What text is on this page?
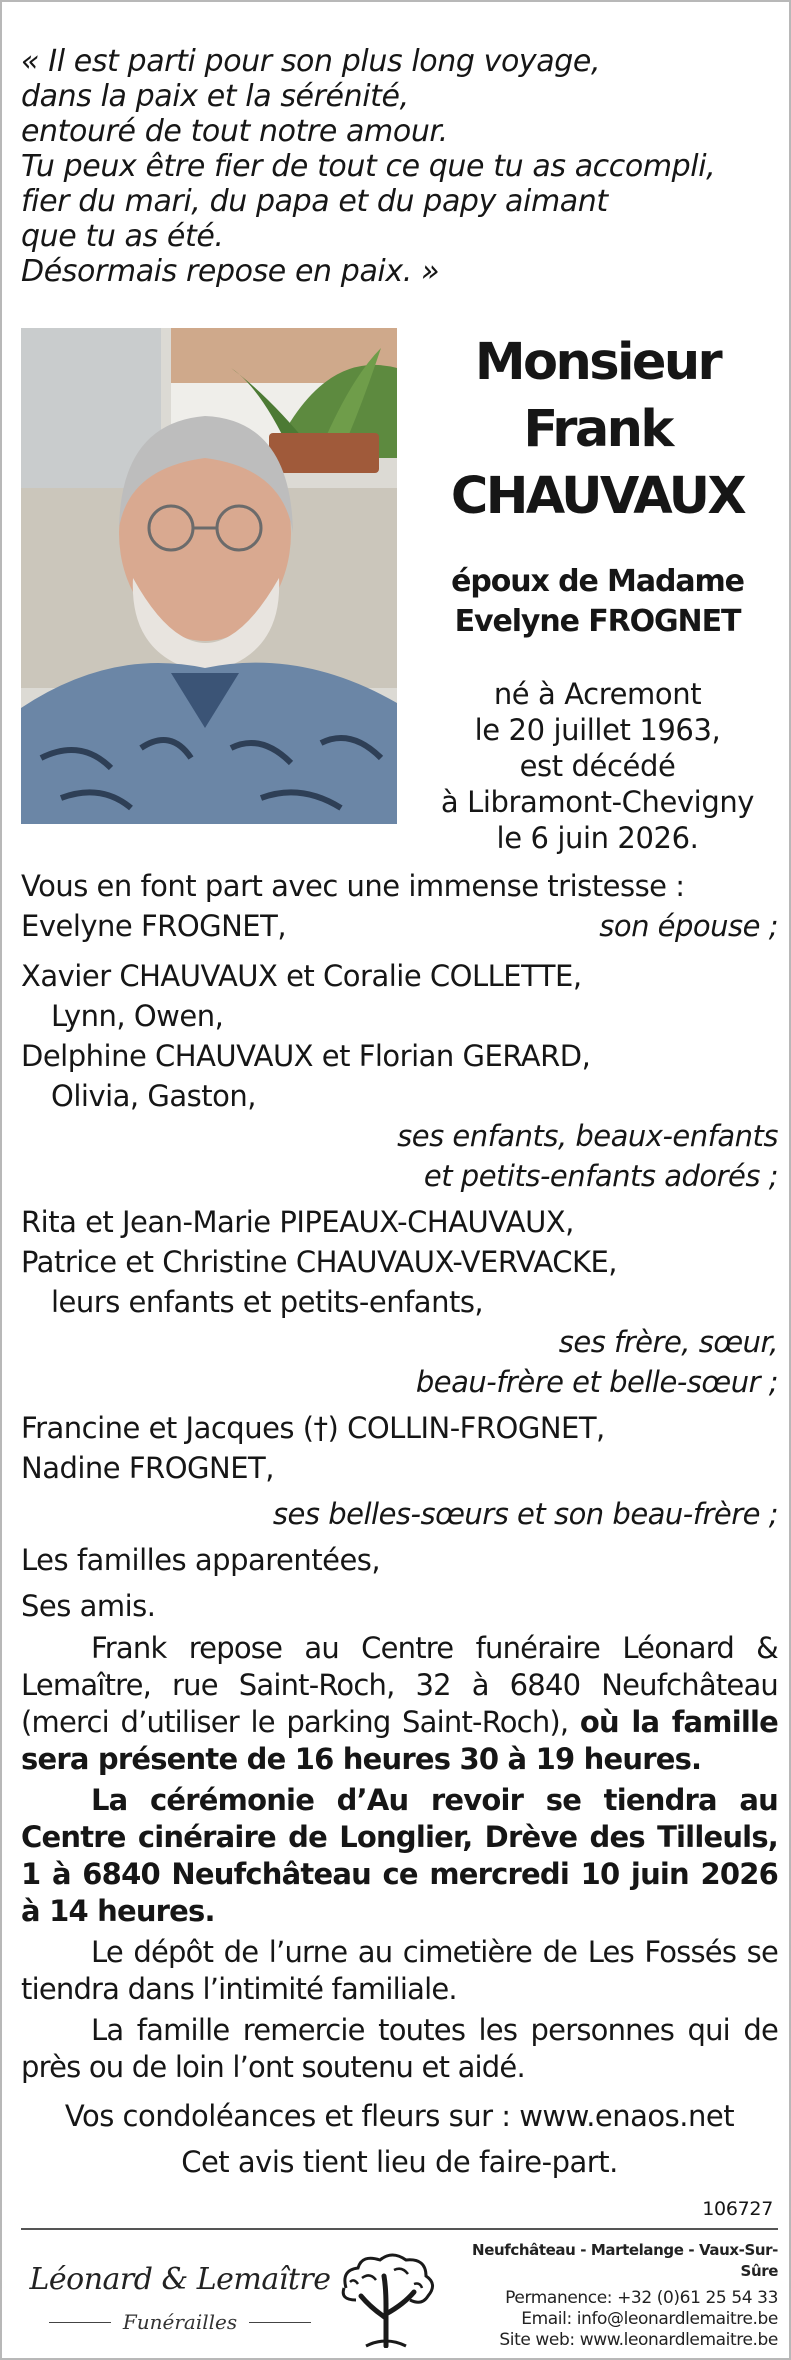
« Il est parti pour son plus long voyage,
dans la paix et la sérénité,
entouré de tout notre amour.
Tu peux être fier de tout ce que tu as accompli,
fier du mari, du papa et du papy aimant
que tu as été.
Désormais repose en paix. »
Monsieur
Frank
CHAUVAUX
époux de Madame
Evelyne FROGNET
né à Acremont
le 20 juillet 1963,
est décédé
à Libramont-Chevigny
le 6 juin 2026.
Vous en font part avec une immense tristesse :
Evelyne FROGNET,	son épouse ;
Xavier CHAUVAUX et Coralie COLLETTE,
Lynn, Owen,
Delphine CHAUVAUX et Florian GERARD,
Olivia, Gaston,
ses enfants, beaux-enfants
et petits-enfants adorés ;
Rita et Jean-Marie PIPEAUX-CHAUVAUX,
Patrice et Christine CHAUVAUX-VERVACKE,
leurs enfants et petits-enfants,
ses frère, sœur,
beau-frère et belle-sœur ;
Francine et Jacques (†) COLLIN-FROGNET,
Nadine FROGNET,
ses belles-sœurs et son beau-frère ;
Les familles apparentées,
Ses amis.
Frank repose au Centre funéraire Léonard & Lemaître, rue Saint-Roch, 32 à 6840 Neufchâteau (merci d’utiliser le parking Saint-Roch), où la famille sera présente de 16 heures 30 à 19 heures.
La cérémonie d’Au revoir se tiendra au Centre cinéraire de Longlier, Drève des Tilleuls, 1 à 6840 Neufchâteau ce mercredi 10 juin 2026 à 14 heures.
Le dépôt de l’urne au cimetière de Les Fossés se tiendra dans l’intimité familiale.
La famille remercie toutes les personnes qui de près ou de loin l’ont soutenu et aidé.
Vos condoléances et fleurs sur : www.enaos.net
Cet avis tient lieu de faire-part.
106727
Léonard & Lemaître
Funérailles
Neufchâteau - Martelange - Vaux-Sur-Sûre
Permanence: +32 (0)61 25 54 33
Email: info@leonardlemaitre.be
Site web: www.leonardlemaitre.be
